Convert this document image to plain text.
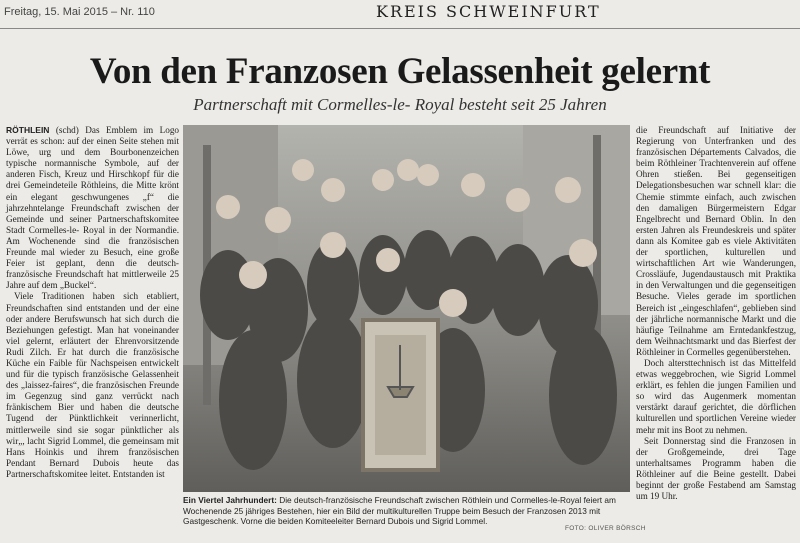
Freitag, 15. Mai 2015 – Nr. 110	KREIS SCHWEINFURT
Von den Franzosen Gelassenheit gelernt
Partnerschaft mit Cormelles-le- Royal besteht seit 25 Jahren

RÖTHLEIN (schd) Das Emblem im Logo verrät es schon: auf der einen Seite stehen mit Löwe, urg und dem Bourbonenzeichen typische normannische Symbole, auf der anderen Fisch, Kreuz und Hirschkopf für die drei Gemeindeteile Röthleins, die Mitte krönt ein elegant geschwungenes „f“ die jahrzehntelange Freundschaft zwischen der Gemeinde und seiner Partnerschaftskomitee Stadt Cormelles-le- Royal in der Normandie. Am Wochenende sind die französischen Freunde mal wieder zu Besuch, eine große Feier ist geplant, denn die deutsch-französische Freundschaft hat mittlerweile 25 Jahre auf dem „Buckel“.

Viele Traditionen haben sich etabliert, Freundschaften sind entstanden und der eine oder andere Berufswunsch hat sich durch die Beziehungen gefestigt. Man hat voneinander viel gelernt, erläutert der Ehrenvorsitzende Rudi Zilch. Er hat durch die französische Küche ein Faible für Nachspeisen entwickelt und für die typisch französische Gelassenheit des „laissez-faires“, die französischen Freunde im Gegenzug sind ganz verrückt nach fränkischem Bier und haben die deutsche Tugend der Pünktlichkeit verinnerlicht, mittlerweile sind sie sogar pünktlicher als wir„, lacht Sigrid Lommel, die gemeinsam mit Hans Hoinkis und ihrem französischen Pendant Bernard Dubois heute das Partnerschaftskomitee leitet. Entstanden ist

Ein Viertel Jahrhundert: Die deutsch-französische Freundschaft zwischen Röthlein und Cormelles-le-Royal feiert am Wochenende 25 jähriges Bestehen, hier ein Bild der multikulturellen Truppe beim Besuch der Franzosen 2013 mit Gastgeschenk. Vorne die beiden Komiteeleiter Bernard Dubois und Sigrid Lommel.
FOTO: OLIVER BÖRSCH

die Freundschaft auf Initiative der Regierung von Unterfranken und des französischen Départements Calvados, die beim Röthleiner Trachtenverein auf offene Ohren stießen. Bei gegenseitigen Delegationsbesuchen war schnell klar: die Chemie stimmte einfach, auch zwischen den damaligen Bürgermeistern Edgar Engelbrecht und Bernard Oblin. In den ersten Jahren als Freundeskreis und später dann als Komitee gab es viele Aktivitäten der sportlichen, kulturellen und wirtschaftlichen Art wie Wanderungen, Crossläufe, Jugendaustausch mit Praktika in den Verwaltungen und die gegenseitigen Besuche. Vieles gerade im sportlichen Bereich ist „eingeschlafen“, geblieben sind der jährliche normannische Markt und die häufige Teilnahme am Erntedankfestzug, dem Weihnachtsmarkt und das Bierfest der Röthleiner in Cormelles gegenüberstehen.

Doch altersttechnisch ist das Mittelfeld etwas weggebrochen, wie Sigrid Lommel erklärt, es fehlen die jungen Familien und so wird das Augenmerk momentan verstärkt darauf gerichtet, die dörflichen kulturellen und sportlichen Vereine wieder mehr mit ins Boot zu nehmen.

Seit Donnerstag sind die Franzosen in der Großgemeinde, drei Tage unterhaltsames Programm haben die Röthleiner auf die Beine gestellt. Dabei beginnt der große Festabend am Samstag um 19 Uhr.
